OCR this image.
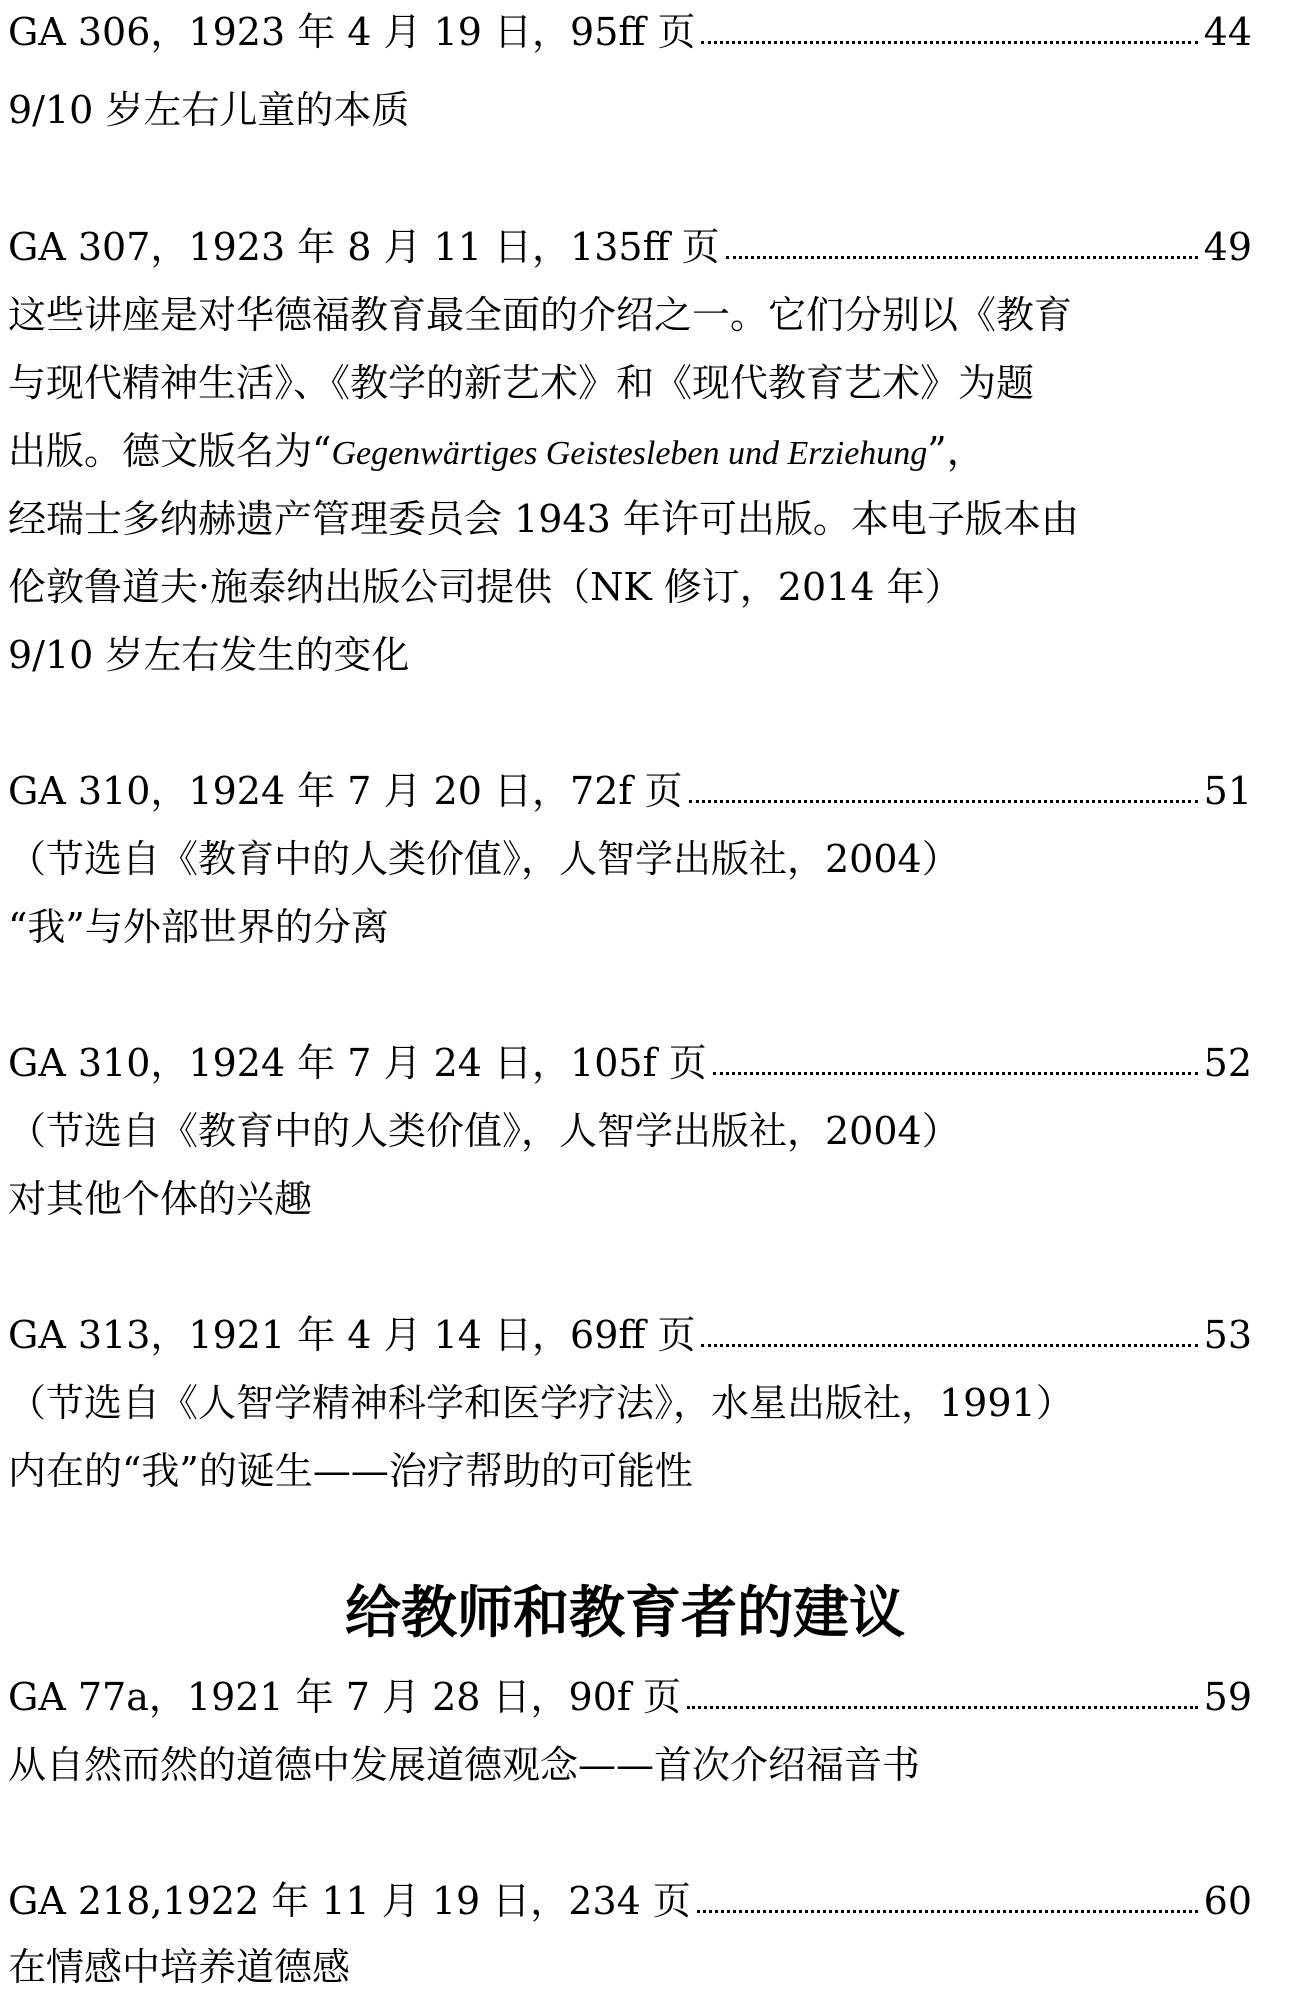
GA 306，1923 年 4 月 19 日，95ff 页	44
9/10 岁左右儿童的本质
GA 307，1923 年 8 月 11 日，135ff 页	49
这些讲座是对华德福教育最全面的介绍之一。它们分别以《教育
与现代精神生活》、《教学的新艺术》和《现代教育艺术》为题
出版。德文版名为“Gegenwärtiges Geistesleben und Erziehung”，
经瑞士多纳赫遗产管理委员会 1943 年许可出版。本电子版本由
伦敦鲁道夫·施泰纳出版公司提供（NK 修订，2014 年）
9/10 岁左右发生的变化
GA 310，1924 年 7 月 20 日，72f 页	51
（节选自《教育中的人类价值》，人智学出版社，2004）
“我”与外部世界的分离
GA 310，1924 年 7 月 24 日，105f 页	52
（节选自《教育中的人类价值》，人智学出版社，2004）
对其他个体的兴趣
GA 313，1921 年 4 月 14 日，69ff 页	53
（节选自《人智学精神科学和医学疗法》，水星出版社，1991）
内在的“我”的诞生——治疗帮助的可能性
给教师和教育者的建议
GA 77a，1921 年 7 月 28 日，90f 页	59
从自然而然的道德中发展道德观念——首次介绍福音书
GA 218,1922 年 11 月 19 日，234 页	60
在情感中培养道德感
